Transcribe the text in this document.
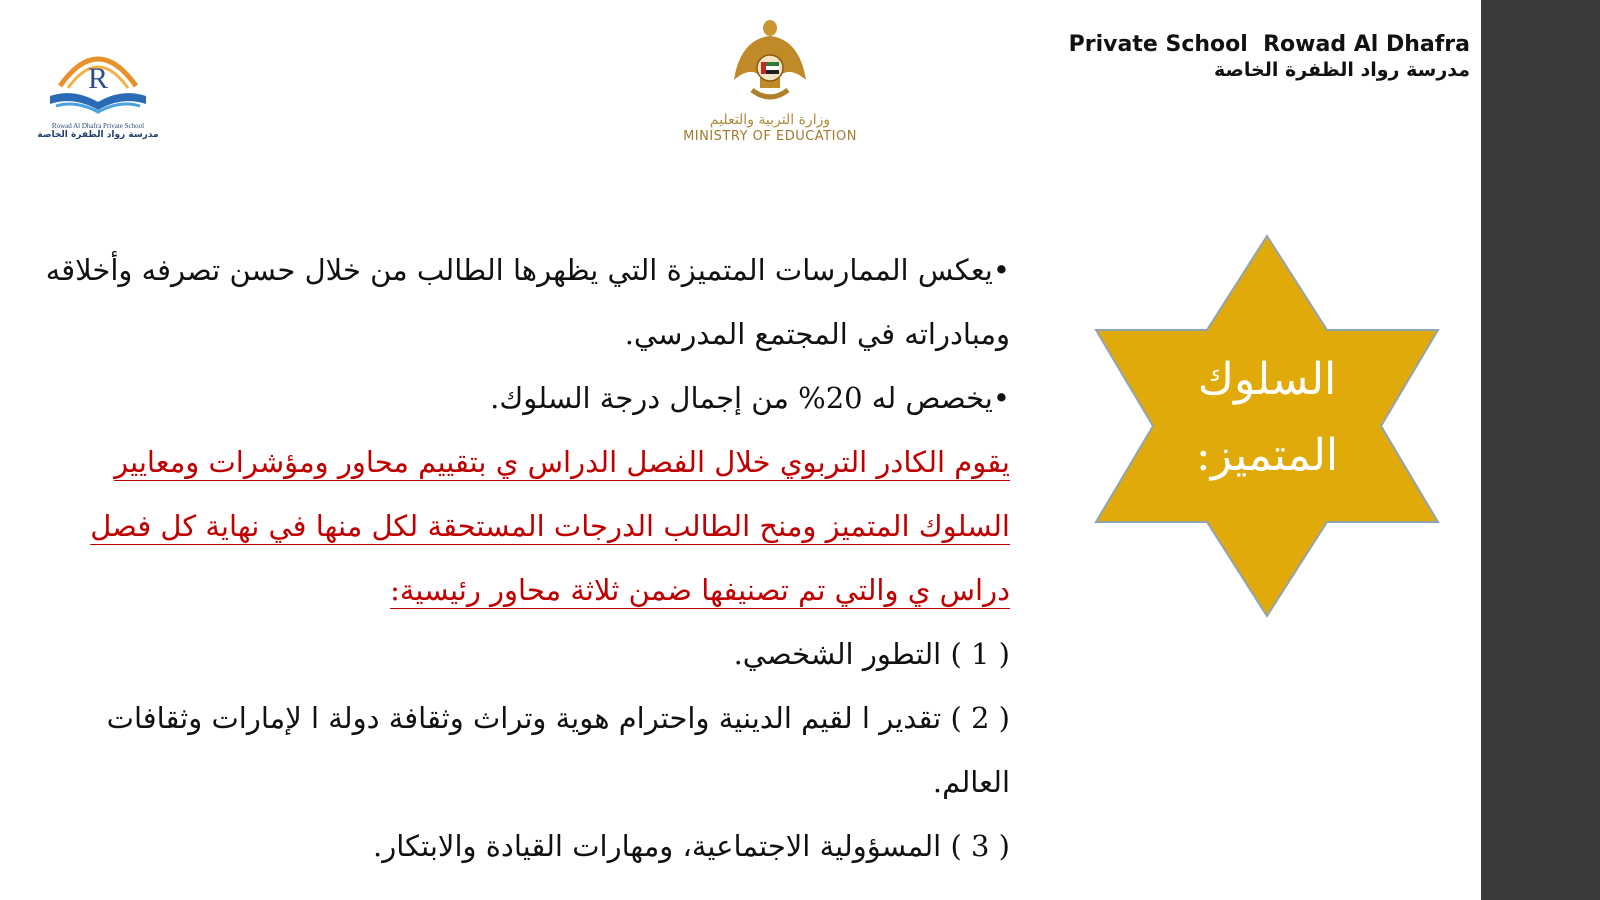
R
Rowad Al Dhafra Private School
مدرسة رواد الظفرة الخاصة
وزارة التربية والتعليم
MINISTRY OF EDUCATION
Private School  Rowad Al Dhafra
مدرسة رواد الظفرة الخاصة

• يعكس الممارسات المتميزة التي يظهرها الطالب من خلال حسن تصرفه وأخلاقه ومبادراته في المجتمع المدرسي.

• يخصص له 20% من إجمال درجة السلوك.

يقوم الكادر التربوي خلال الفصل الدراس ي بتقييم محاور ومؤشرات ومعايير السلوك المتميز ومنح الطالب الدرجات المستحقة لكل منها في نهاية كل فصل دراس ي والتي تم تصنيفها ضمن ثلاثة محاور رئيسية:

( 1 ) التطور الشخصي.

( 2 ) تقدير ا لقيم الدينية واحترام هوية وتراث وثقافة دولة ا لإمارات وثقافات العالم.

( 3 ) المسؤولية الاجتماعية، ومهارات القيادة والابتكار.

السلوك
المتميز:
